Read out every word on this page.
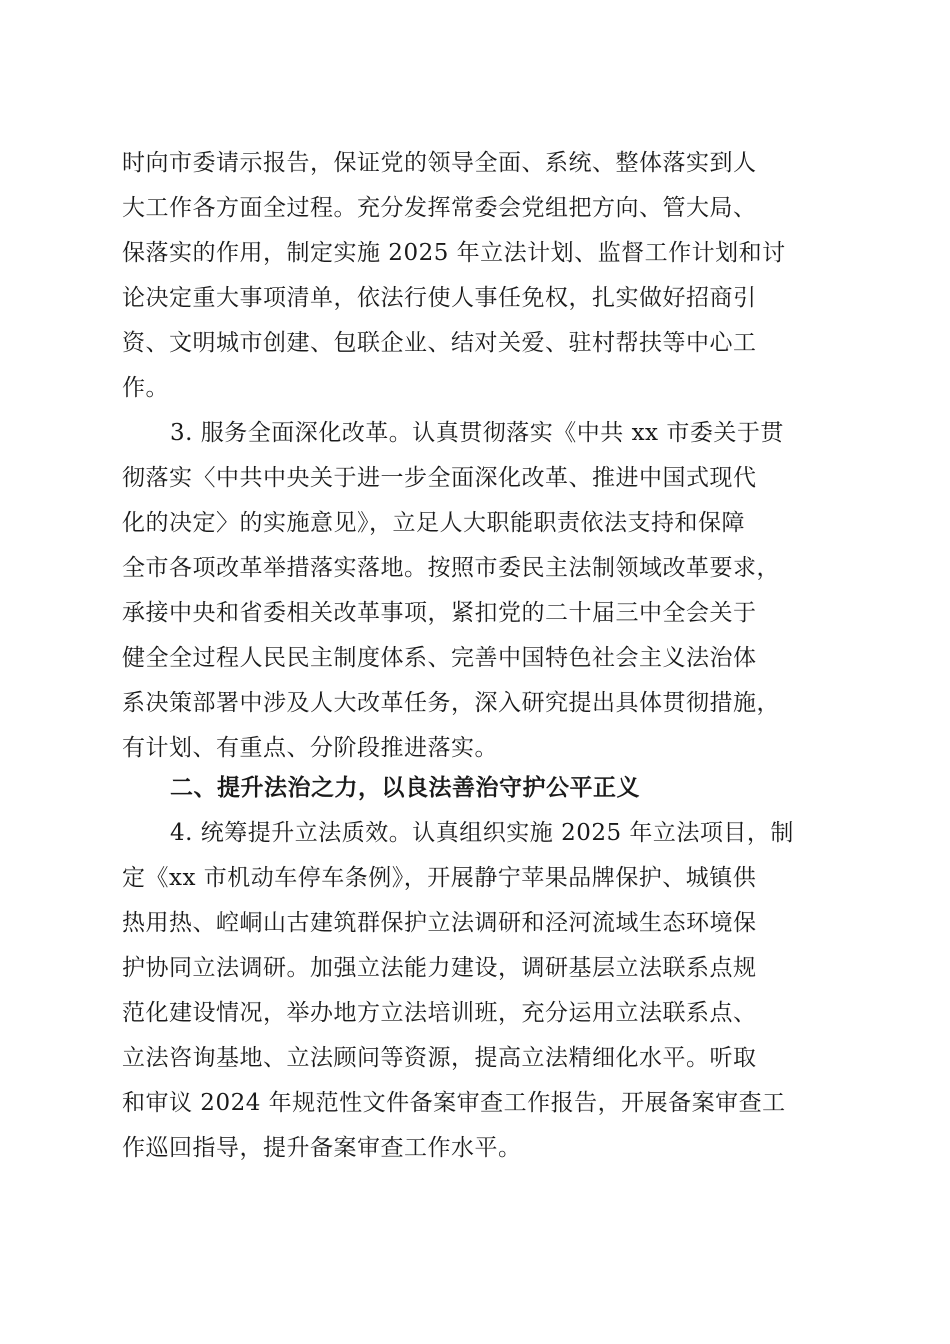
时向市委请示报告，保证党的领导全面、系统、整体落实到人
大工作各方面全过程。充分发挥常委会党组把方向、管大局、
保落实的作用，制定实施 2025 年立法计划、监督工作计划和讨
论决定重大事项清单，依法行使人事任免权，扎实做好招商引
资、文明城市创建、包联企业、结对关爱、驻村帮扶等中心工
作。
3. 服务全面深化改革。认真贯彻落实《中共 xx 市委关于贯
彻落实〈中共中央关于进一步全面深化改革、推进中国式现代
化的决定〉的实施意见》，立足人大职能职责依法支持和保障
全市各项改革举措落实落地。按照市委民主法制领域改革要求，
承接中央和省委相关改革事项，紧扣党的二十届三中全会关于
健全全过程人民民主制度体系、完善中国特色社会主义法治体
系决策部署中涉及人大改革任务，深入研究提出具体贯彻措施，
有计划、有重点、分阶段推进落实。
二、提升法治之力，以良法善治守护公平正义
4. 统筹提升立法质效。认真组织实施 2025 年立法项目，制
定《xx 市机动车停车条例》，开展静宁苹果品牌保护、城镇供
热用热、崆峒山古建筑群保护立法调研和泾河流域生态环境保
护协同立法调研。加强立法能力建设，调研基层立法联系点规
范化建设情况，举办地方立法培训班，充分运用立法联系点、
立法咨询基地、立法顾问等资源，提高立法精细化水平。听取
和审议 2024 年规范性文件备案审查工作报告，开展备案审查工
作巡回指导，提升备案审查工作水平。
